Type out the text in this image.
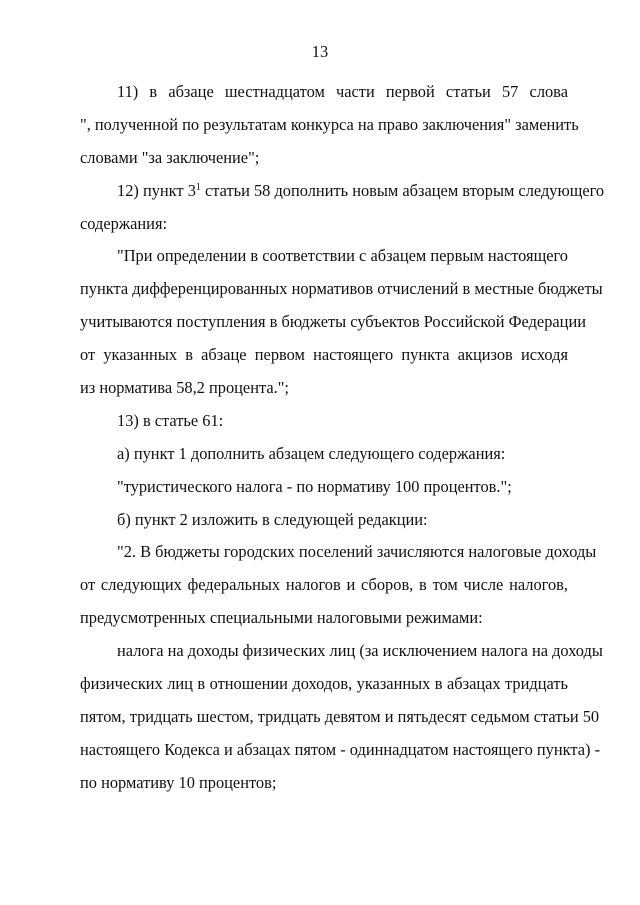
13
11) в абзаце шестнадцатом части первой статьи 57 слова
", полученной по результатам конкурса на право заключения" заменить
словами "за заключение";
12) пункт $3^1$ статьи 58 дополнить новым абзацем вторым следующего
содержания:
"При определении в соответствии с абзацем первым настоящего
пункта дифференцированных нормативов отчислений в местные бюджеты
учитываются поступления в бюджеты субъектов Российской Федерации
от указанных в абзаце первом настоящего пункта акцизов исходя
из норматива 58,2 процента.";
13) в статье 61:
а) пункт 1 дополнить абзацем следующего содержания:
"туристического налога - по нормативу 100 процентов.";
б) пункт 2 изложить в следующей редакции:
"2. В бюджеты городских поселений зачисляются налоговые доходы
от следующих федеральных налогов и сборов, в том числе налогов,
предусмотренных специальными налоговыми режимами:
налога на доходы физических лиц (за исключением налога на доходы
физических лиц в отношении доходов, указанных в абзацах тридцать
пятом, тридцать шестом, тридцать девятом и пятьдесят седьмом статьи 50
настоящего Кодекса и абзацах пятом - одиннадцатом настоящего пункта) -
по нормативу 10 процентов;
